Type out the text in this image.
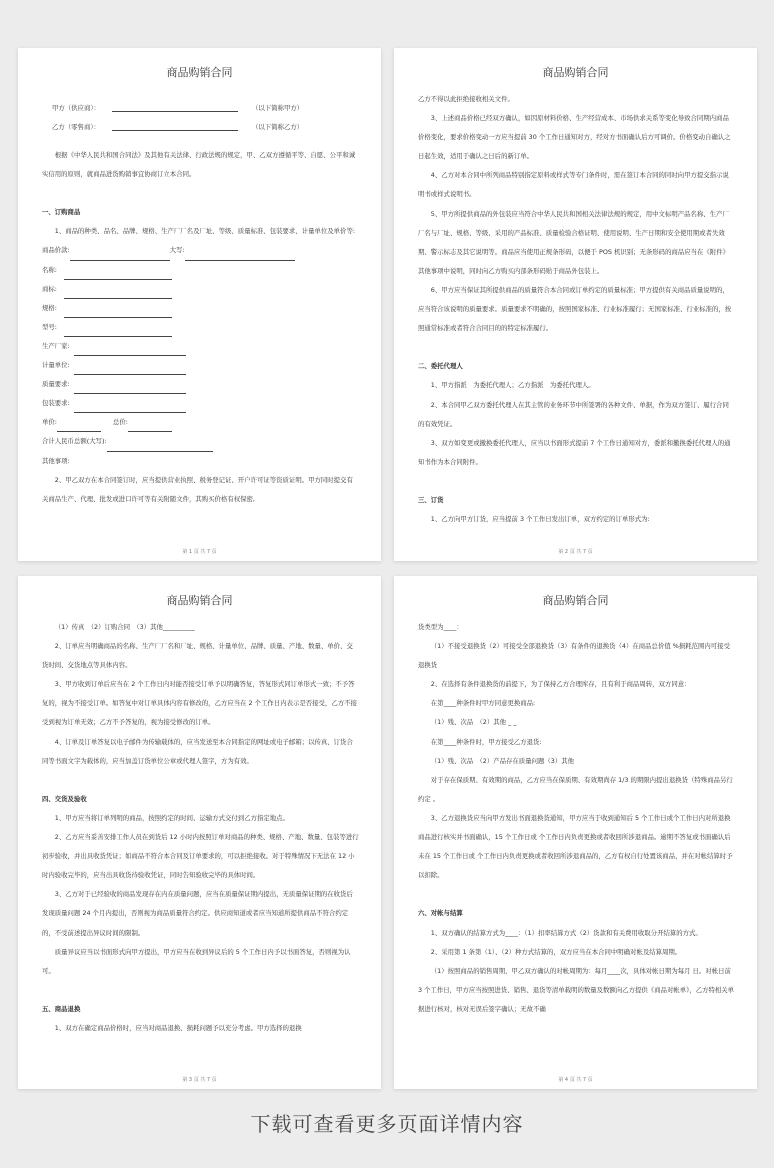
商品购销合同
甲方（供应商）：	（以下简称甲方）
乙方（零售商）：	（以下简称乙方）
根据《中华人民共和国合同法》及其他有关法律、行政法规的规定，甲、乙双方遵循平等、自愿、公平和诚实信用的原则，就商品进货购销事宜协商订立本合同。
一、订购商品
1、商品的种类、品名、品牌、规格、生产厂厂名及厂址、等级、质量标准、包装要求、计量单位及单价等:
商品价款:	大写:
名称:
商标:
规格:
型号:
生产厂家:
计量单位:
质量要求:
包装要求:
单价:	总价:
合计人民币总额(大写):
其他事项:
2、甲乙双方在本合同签订时，应当提供营业执照、税务登记证、开户许可证等资质证明。甲方同时提交有关商品生产、代理、批发或进口许可等有关附随文件，其购买价格有权保密,
第 1 页 共 7 页
商品购销合同
乙方不得以此拒绝接收相关文件。
3、上述商品价格已经双方确认，如因原材料价格、生产经营成本、市场供求关系等变化导致合同期内商品价格变化，要求价格变动一方应当提前 30 个工作日通知对方，经对方书面确认后方可调价。价格变动自确认之日起生效，适用于确认之日后的新订单。
4、乙方对本合同中所列商品特别指定原料或样式等专门条件时，需在签订本合同的同时向甲方提交指示说明书或样式说明书。
5、甲方所提供商品的外包装应当符合中华人民共和国相关法律法规的规定，用中文标明产品名称、生产厂厂名与厂址、规格、等级、采用的产品标准、质量检验合格证明、使用说明、生产日期和安全使用期或者失效期、警示标志及其它说明等。商品应当使用正规条形码，以便于 POS 机识别；无条形码的商品应当在《附件》其他事项中说明，同时向乙方购买内部条形码贴于商品外包装上。
6、甲方应当保证其所提供商品的质量符合本合同或订单约定的质量标准；甲方提供有关商品质量说明的，应当符合该说明的质量要求。质量要求不明确的，按照国家标准、行业标准履行；无国家标准、行业标准的，按照通常标准或者符合合同目的的特定标准履行。
二、委托代理人
1、甲方指派　为委托代理人；乙方指派　为委托代理人。
2、本合同甲乙双方委托代理人在其主管的业务环节中所签署的各种文件、单据，作为双方签订、履行合同的有效凭证。
3、双方如变更或撤换委托代理人，应当以书面形式提前 7 个工作日通知对方，委派和撤换委托代理人的通知书作为本合同附件。
三、订货
1、乙方向甲方订货，应当提前 3 个工作日发出订单，双方约定的订单形式为:
第 2 页 共 7 页
商品购销合同
（1）传真　（2）订购合同　（3）其他__________
2、订单应当明确商品的名称、生产厂厂名和厂址、规格、计量单位、品牌、质量、产地、数量、单价、交货时间、交货地点等具体内容。
3、甲方收到订单后应当在 2 个工作日内对能否接受订单予以明确答复，答复形式同订单形式一致；不予答复的，视为不接受订单。如答复中对订单具体内容有修改的，乙方应当在 2 个工作日内表示是否接受，乙方不接受到视为订单无效；乙方不予答复的，视为接受修改的订单。
4、订单及订单答复以电子邮件为传输载体的，应当发送至本合同指定的网址或电子邮箱；以传真、订货合同等书面文字为载体的，应当加盖订货单位公章或代理人签字，方为有效。
四、交货及验收
1、甲方应当将订单列明的商品，按照约定的时间、运输方式交付到乙方指定地点。
2、乙方应当妥善安排工作人员在到货后 12 小时内按照订单对商品的种类、规格、产地、数量、包装等进行初步验收，并出具收货凭证；如商品不符合本合同及订单要求的，可以拒绝接收。对于特殊情况下无法在 12 小时内验收完毕的，应当出具收货待验收凭证，同时告知验收完毕的具体时间。
3、乙方对于已经验收的商品发现存在内在质量问题，应当在质量保证期内提出，无质量保证期的在收货后发现质量问题 24 个月内提出，否则视为商品质量符合约定。供应商知道或者应当知道所提供商品不符合约定的，不受前述提出异议时间的限制。
质量异议应当以书面形式向甲方提出，甲方应当在收到异议后的 5 个工作日内予以书面答复，否则视为认可。
五、商品退换
1、双方在确定商品价格时，应当对商品退换、损耗问题予以充分考虑。甲方选择的退换
第 3 页 共 7 页
商品购销合同
货类型为____：
（1）不接受退换货（2）可接受全部退换货（3）有条件的退换货（4）在商品总价值 %损耗范围内可接受退换货
2、在选择有条件退换货的前提下，为了保持乙方合理库存，且有利于商品周转，双方同意：
在第____种条件时甲方同意更换商品:
（1）残、次品　（2）其他 _ _
在第____种条件时，甲方接受乙方退货:
（1）残、次品　（2）产品存在质量问题（3）其他
对于存在保质期、有效期的商品，乙方应当在保质期、有效期尚存 1/3 的期限内提出退换货（特殊商品另行约定 。
3、乙方退换货应当向甲方发出书面退换货通知，甲方应当于收到通知后 5 个工作日或个工作日内对所退换商品进行核实并书面确认，15 个工作日或 个工作日内负责更换或者收回所涉退商品。逾期不答复或书面确认后未在 15 个工作日或 个工作日内负责更换或者收回所涉退商品的，乙方有权自行处置该商品，并在对帐结算时予以扣除。
六、对帐与结算
1、双方确认的结算方式为____：（1）扣率结算方式（2）货款和有关费用收取分开结算的方式。
2、采用第 1 条第（1）、（2）种方式结算的，双方应当在本合同中明确对帐及结算周期。
（1）按照商品的销售周期，甲乙双方确认的对帐周期为：每月____次，具体对帐日期为每月 日。对帐日前 3 个工作日，甲方应当按照进货、销售、退货等清单载明的数量及数额向乙方提供《商品对帐单》，乙方特相关单据进行核对，核对无误后签字确认；无故不确
第 4 页 共 7 页
下载可查看更多页面详情内容
